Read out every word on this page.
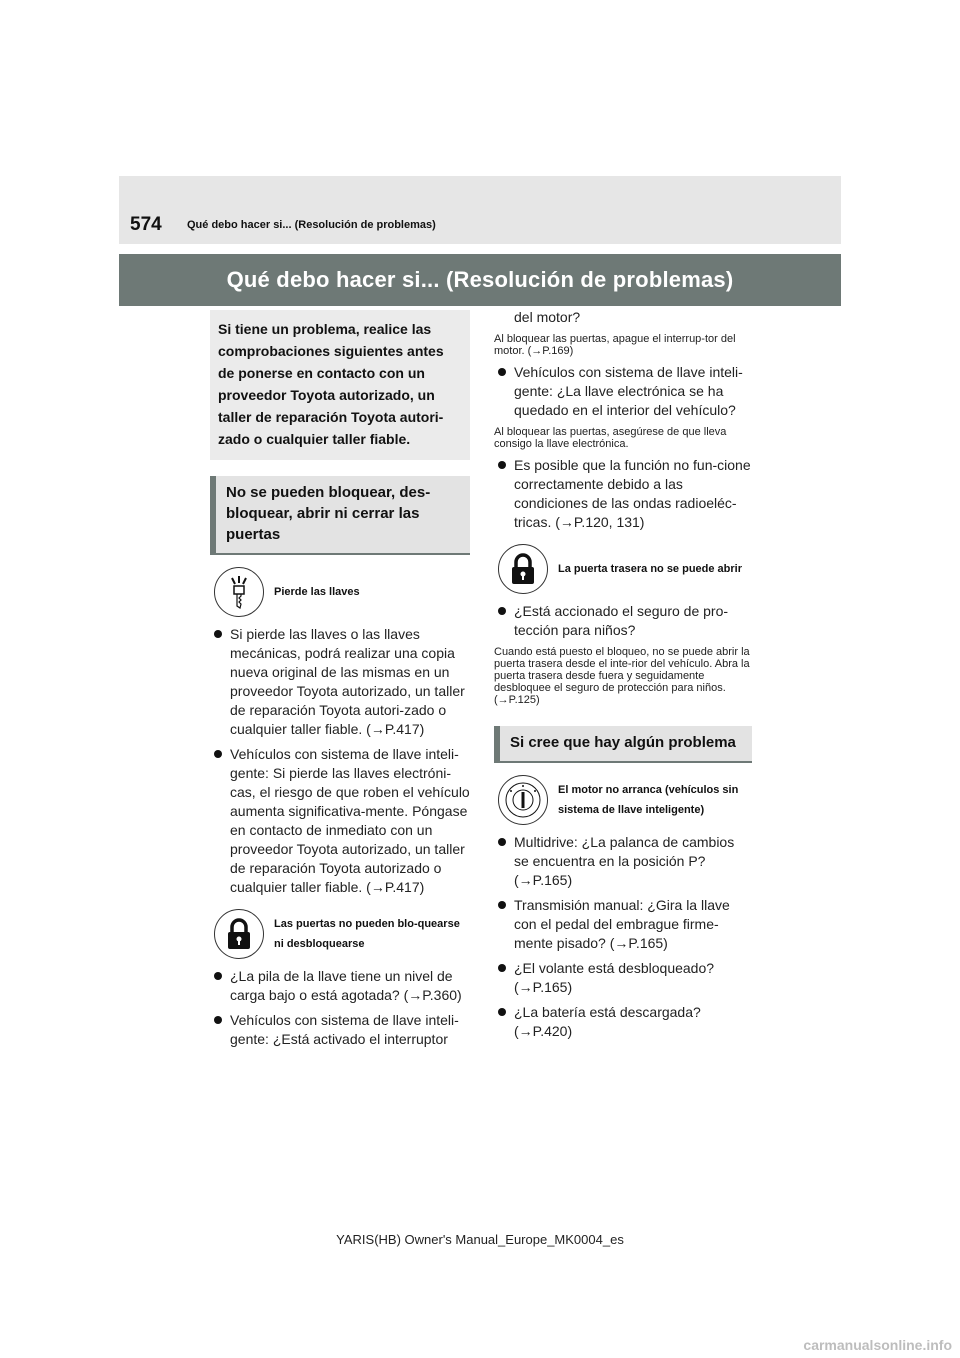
574 Qué debo hacer si... (Resolución de problemas)
Qué debo hacer si... (Resolución de problemas)
Si tiene un problema, realice las comprobaciones siguientes antes de ponerse en contacto con un proveedor Toyota autorizado, un taller de reparación Toyota autori-zado o cualquier taller fiable.
No se pueden bloquear, des-bloquear, abrir ni cerrar las puertas
Pierde las llaves
Si pierde las llaves o las llaves mecánicas, podrá realizar una copia nueva original de las mismas en un proveedor Toyota autorizado, un taller de reparación Toyota autori-zado o cualquier taller fiable. (→P.417)
Vehículos con sistema de llave inteli-gente: Si pierde las llaves electróni-cas, el riesgo de que roben el vehículo aumenta significativa-mente. Póngase en contacto de inmediato con un proveedor Toyota autorizado, un taller de reparación Toyota autorizado o cualquier taller fiable. (→P.417)
Las puertas no pueden blo-quearse ni desbloquearse
¿La pila de la llave tiene un nivel de carga bajo o está agotada? (→P.360)
Vehículos con sistema de llave inteli-gente: ¿Está activado el interruptor
del motor?
Al bloquear las puertas, apague el interrup-tor del motor. (→P.169)
Vehículos con sistema de llave inteli-gente: ¿La llave electrónica se ha quedado en el interior del vehículo?
Al bloquear las puertas, asegúrese de que lleva consigo la llave electrónica.
Es posible que la función no fun-cione correctamente debido a las condiciones de las ondas radioeléc-tricas. (→P.120, 131)
La puerta trasera no se puede abrir
¿Está accionado el seguro de pro-tección para niños?
Cuando está puesto el bloqueo, no se puede abrir la puerta trasera desde el inte-rior del vehículo. Abra la puerta trasera desde fuera y seguidamente desbloquee el seguro de protección para niños. (→P.125)
Si cree que hay algún problema
El motor no arranca (vehículos sin sistema de llave inteligente)
Multidrive: ¿La palanca de cambios se encuentra en la posición P? (→P.165)
Transmisión manual: ¿Gira la llave con el pedal del embrague firme-mente pisado? (→P.165)
¿El volante está desbloqueado? (→P.165)
¿La batería está descargada? (→P.420)
YARIS(HB) Owner's Manual_Europe_MK0004_es
carmanualsonline.info
